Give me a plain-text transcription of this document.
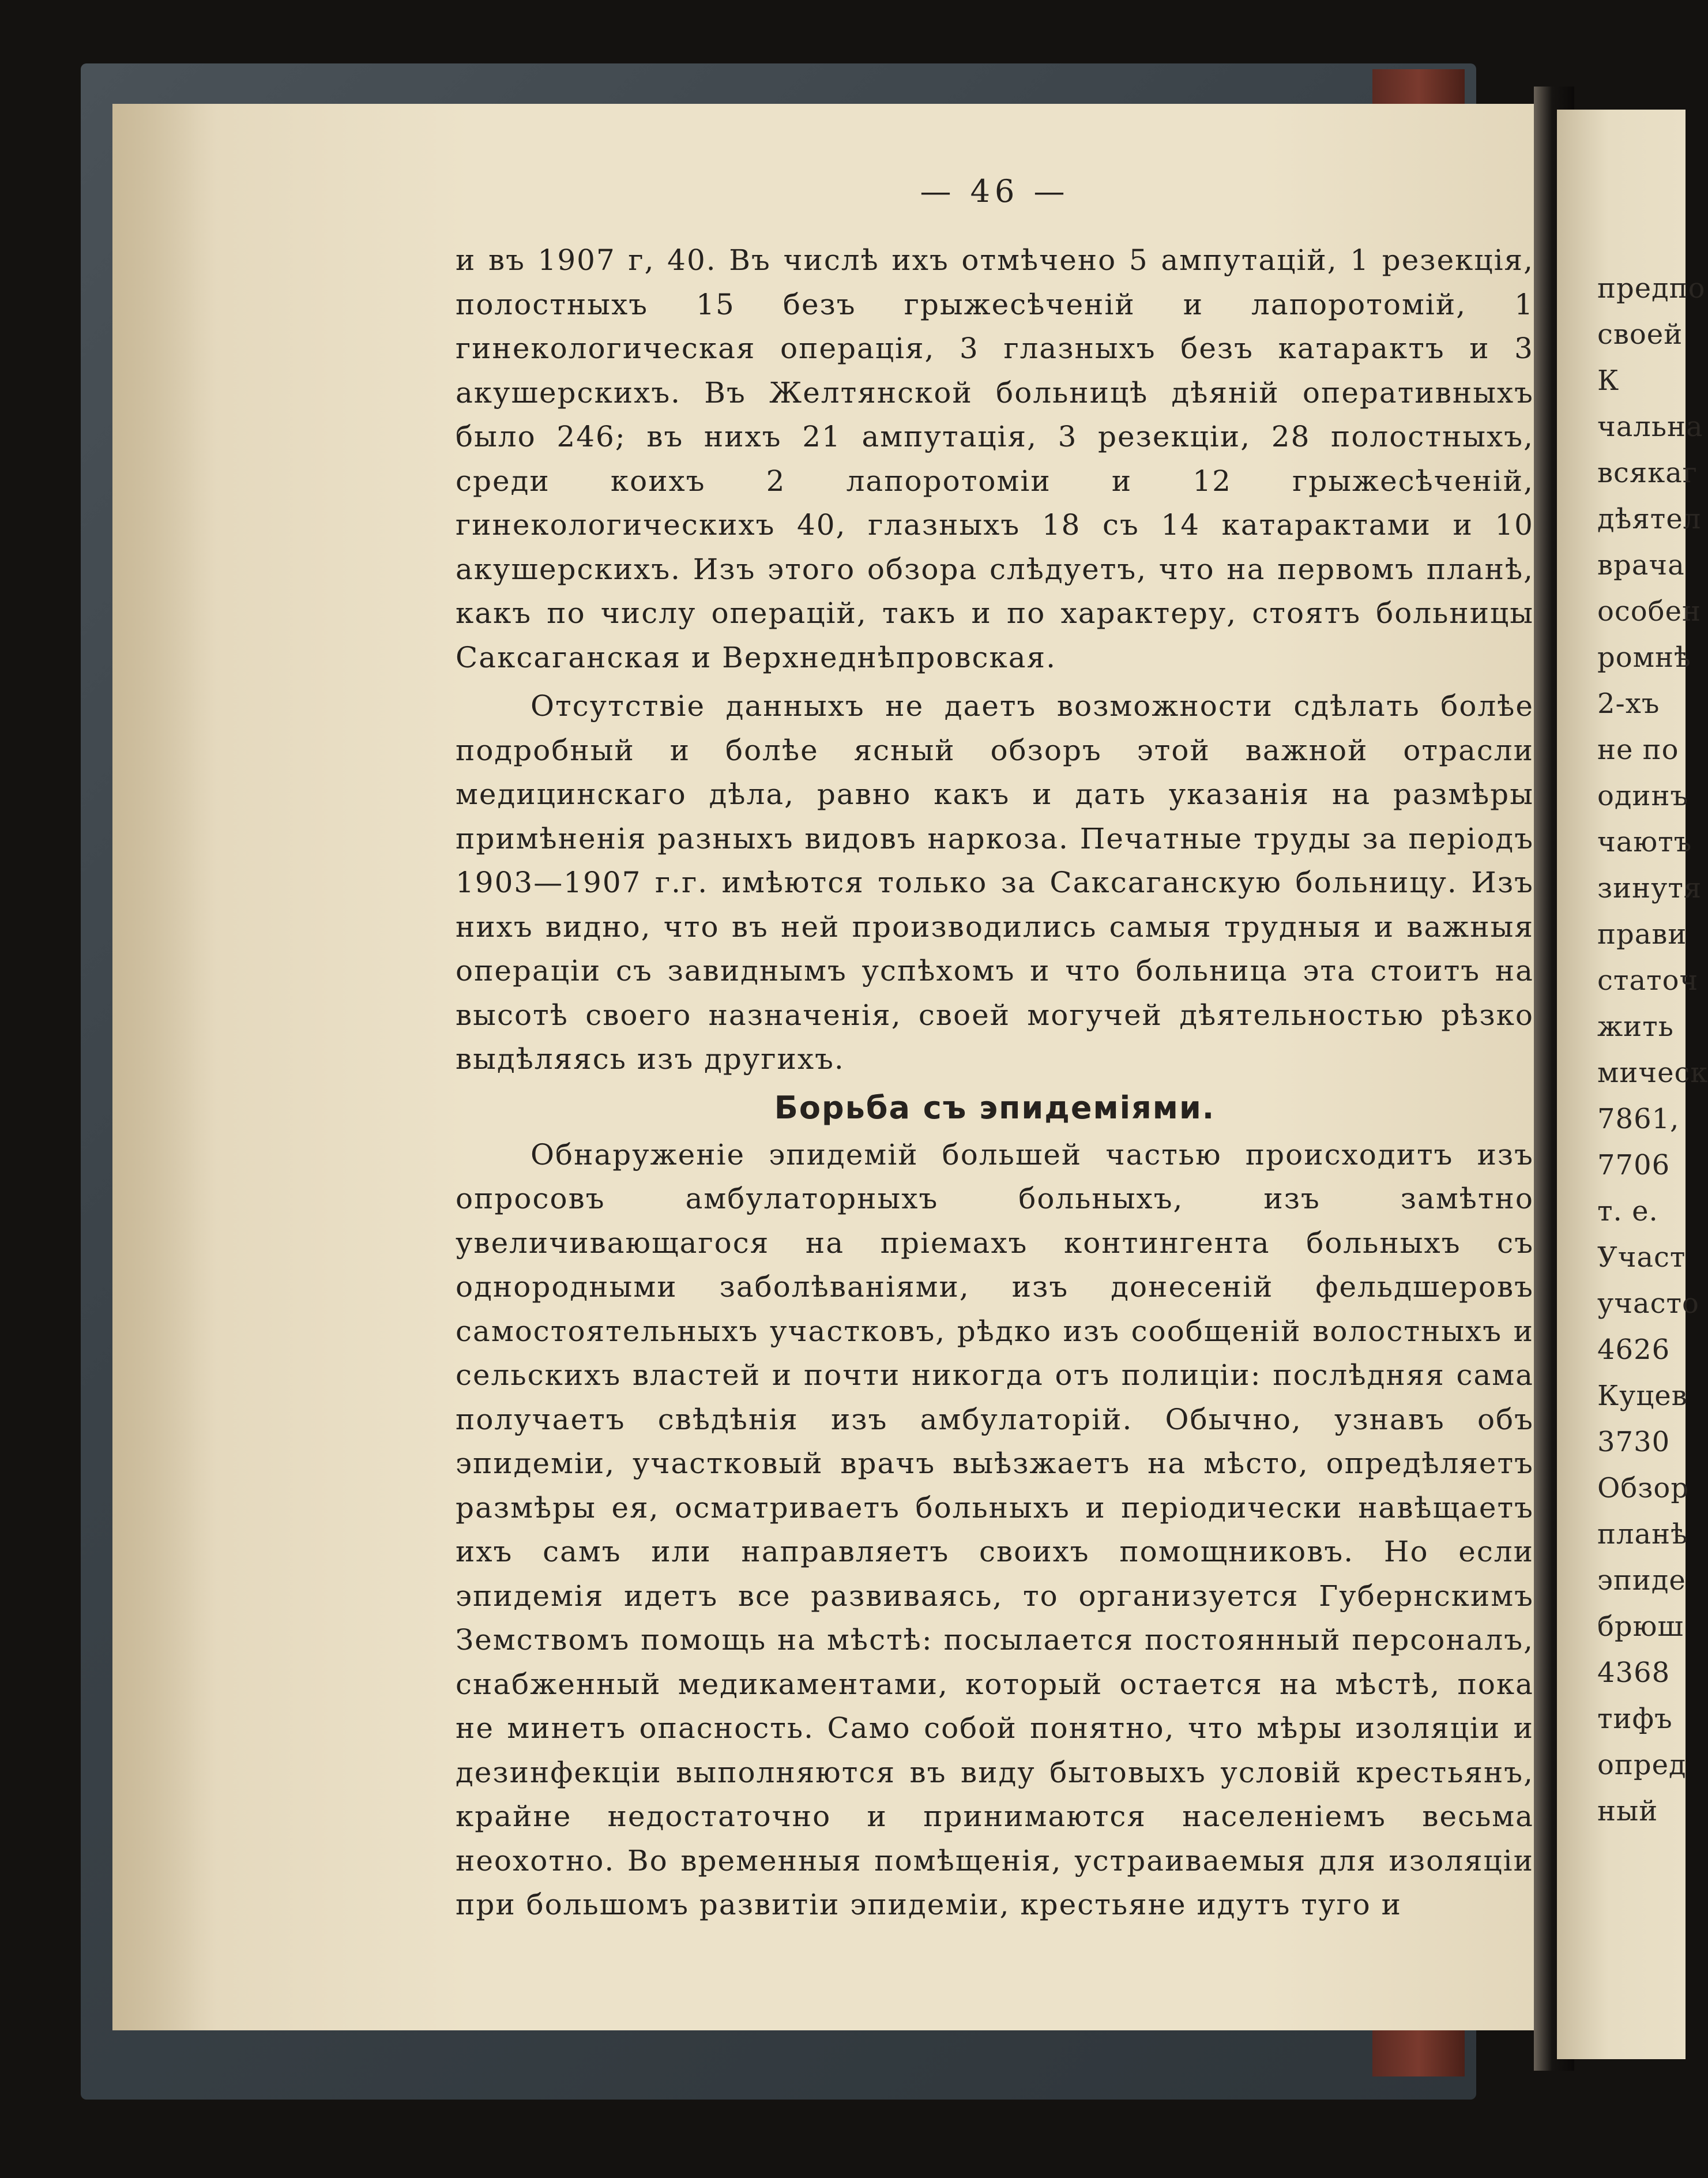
предпо
своей
К
чальна
всякаг
дѣятел
врача
особен
ромнѣ
2-хъ
не по
одинъ
чаютъ
зинутя
прави
статоч
жить
мическ
7861,
7706
т. е.
Участ
участо
4626
Куцев
3730
Обзор
планѣ
эпиде
брюш
4368
тифъ
опред
ный
— 46 —

и въ 1907 г, 40. Въ числѣ ихъ отмѣчено 5 ампутацій, 1 резекція, полостныхъ 15 безъ грыжесѣченій и лапоротомій, 1 гинекологическая операція, 3 глазныхъ безъ катарактъ и 3 акушерскихъ. Въ Желтянской больницѣ дѣяній оперативныхъ было 246; въ нихъ 21 ампутація, 3 резекціи, 28 полостныхъ, среди коихъ 2 лапоротоміи и 12 грыжесѣченій, гинекологическихъ 40, глазныхъ 18 съ 14 катарактами и 10 акушерскихъ. Изъ этого обзора слѣдуетъ, что на первомъ планѣ, какъ по числу операцій, такъ и по характеру, стоятъ больницы Саксаганская и Верхнеднѣпровская.

Отсутствіе данныхъ не даетъ возможности сдѣлать болѣе подробный и болѣе ясный обзоръ этой важной отрасли медицинскаго дѣла, равно какъ и дать указанія на размѣры примѣненія разныхъ видовъ наркоза. Печатные труды за періодъ 1903—1907 г.г. имѣются только за Саксаганскую больницу. Изъ нихъ видно, что въ ней производились самыя трудныя и важныя операціи съ завиднымъ успѣхомъ и что больница эта стоитъ на высотѣ своего назначенія, своей могучей дѣятельностью рѣзко выдѣляясь изъ другихъ.

Борьба съ эпидеміями.

Обнаруженіе эпидемій большей частью происходитъ изъ опросовъ амбулаторныхъ больныхъ, изъ замѣтно увеличивающагося на пріемахъ контингента больныхъ съ однородными заболѣваніями, изъ донесеній фельдшеровъ самостоятельныхъ участковъ, рѣдко изъ сообщеній волостныхъ и сельскихъ властей и почти никогда отъ полиціи: послѣдняя сама получаетъ свѣдѣнія изъ амбулаторій. Обычно, узнавъ объ эпидеміи, участковый врачъ выѣзжаетъ на мѣсто, опредѣляетъ размѣры ея, осматриваетъ больныхъ и періодически навѣщаетъ ихъ самъ или направляетъ своихъ помощниковъ. Но если эпидемія идетъ все развиваясь, то организуется Губернскимъ Земствомъ помощь на мѣстѣ: посылается постоянный персоналъ, снабженный медикаментами, который остается на мѣстѣ, пока не минетъ опасность. Само собой понятно, что мѣры изоляціи и дезинфекціи выполняются въ виду бытовыхъ условій крестьянъ, крайне недостаточно и принимаются населеніемъ весьма неохотно. Во временныя помѣщенія, устраиваемыя для изоляціи при большомъ развитіи эпидеміи, крестьяне идутъ туго и
